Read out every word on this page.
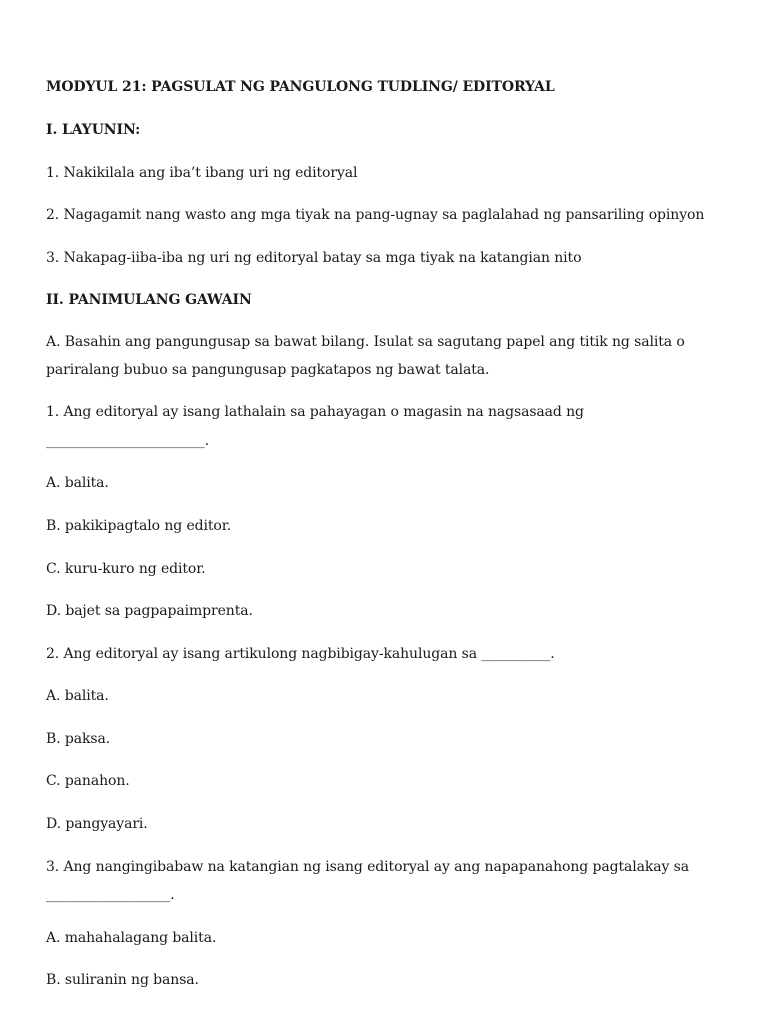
MODYUL 21: PAGSULAT NG PANGULONG TUDLING/ EDITORYAL
I. LAYUNIN:
1. Nakikilala ang iba’t ibang uri ng editoryal
2. Nagagamit nang wasto ang mga tiyak na pang-ugnay sa paglalahad ng pansariling opinyon
3. Nakapag-iiba-iba ng uri ng editoryal batay sa mga tiyak na katangian nito
II. PANIMULANG GAWAIN
A. Basahin ang pangungusap sa bawat bilang. Isulat sa sagutang papel ang titik ng salita o pariralang bubuo sa pangungusap pagkatapos ng bawat talata.
1. Ang editoryal ay isang lathalain sa pahayagan o magasin na nagsasaad ng
_______________________.
A. balita.
B. pakikipagtalo ng editor.
C. kuru-kuro ng editor.
D. bajet sa pagpapaimprenta.
2. Ang editoryal ay isang artikulong nagbibigay-kahulugan sa __________.
A. balita.
B. paksa.
C. panahon.
D. pangyayari.
3. Ang nangingibabaw na katangian ng isang editoryal ay ang napapanahong pagtalakay sa
__________________.
A. mahahalagang balita.
B. suliranin ng bansa.
